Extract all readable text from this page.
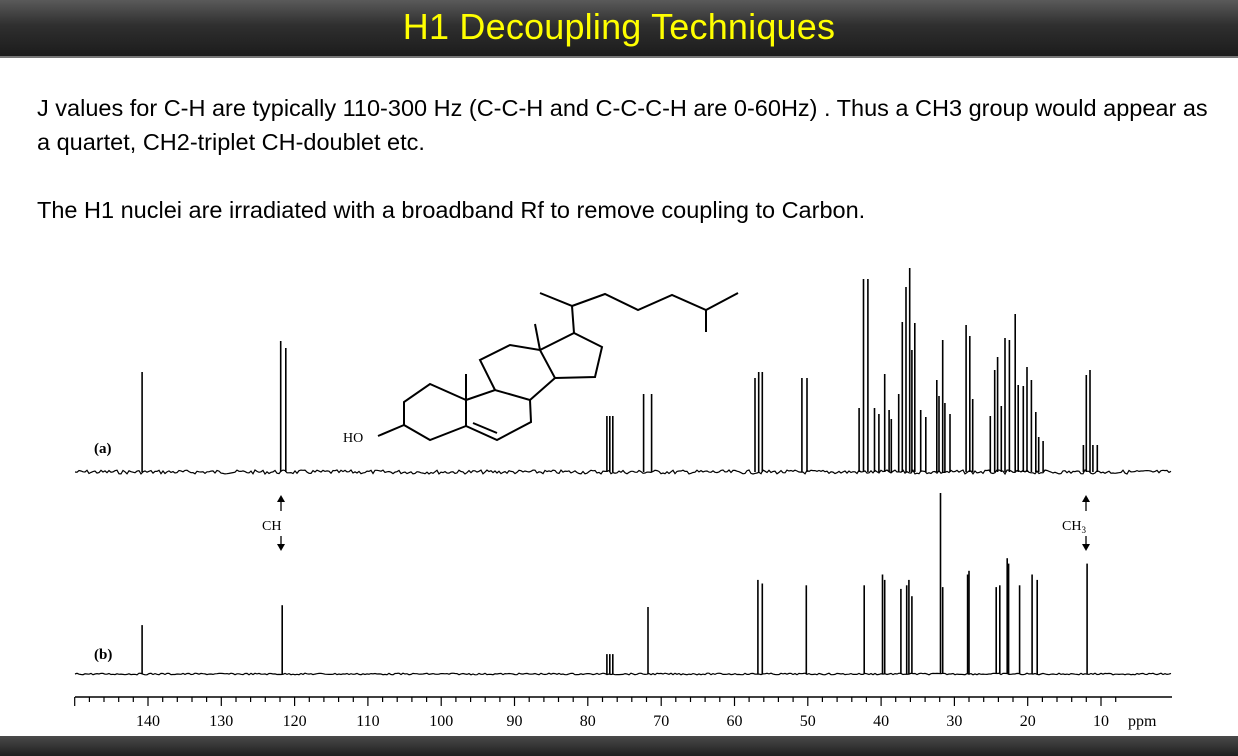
H1 Decoupling Techniques

J values for C-H are typically 110-300 Hz (C-C-H and C-C-C-H are 0-60Hz) . Thus a CH3 group would appear as a quartet, CH2-triplet CH-doublet etc.

The H1 nuclei are irradiated with a broadband Rf to remove coupling to Carbon.

HO
(a)
(b)
CH	$CH_3$
140	130	120	110	100	90	80	70	60	50	40	30	20	10 ppm
